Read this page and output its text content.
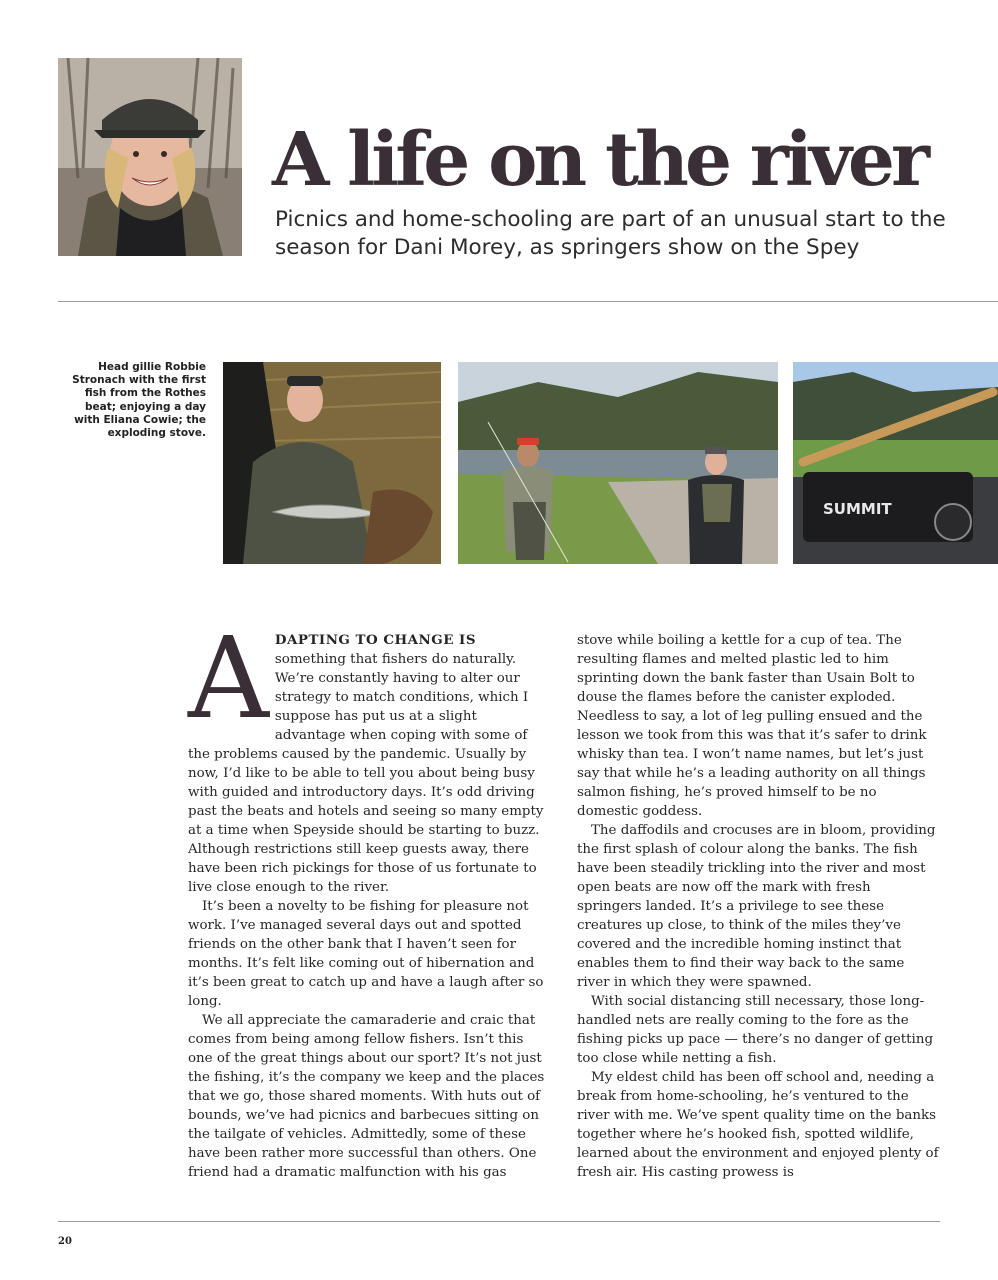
A life on the river

Picnics and home-schooling are part of an unusual start to the season for Dani Morey, as springers show on the Spey

Head gillie Robbie Stronach with the first fish from the Rothes beat; enjoying a day with Eliana Cowie; the exploding stove.

SUMMIT

ADAPTING TO CHANGE IS
something that fishers do naturally. We’re constantly having to alter our strategy to match conditions, which I suppose has put us at a slight advantage when coping with some of the problems caused by the pandemic. Usually by now, I’d like to be able to tell you about being busy with guided and introductory days. It’s odd driving past the beats and hotels and seeing so many empty at a time when Speyside should be starting to buzz. Although restrictions still keep guests away, there have been rich pickings for those of us fortunate to live close enough to the river.

It’s been a novelty to be fishing for pleasure not work. I’ve managed several days out and spotted friends on the other bank that I haven’t seen for months. It’s felt like coming out of hibernation and it’s been great to catch up and have a laugh after so long.

We all appreciate the camaraderie and craic that comes from being among fellow fishers. Isn’t this one of the great things about our sport? It’s not just the fishing, it’s the company we keep and the places that we go, those shared moments. With huts out of bounds, we’ve had picnics and barbecues sitting on the tailgate of vehicles. Admittedly, some of these have been rather more successful than others. One friend had a dramatic malfunction with his gas

stove while boiling a kettle for a cup of tea. The resulting flames and melted plastic led to him sprinting down the bank faster than Usain Bolt to douse the flames before the canister exploded. Needless to say, a lot of leg pulling ensued and the lesson we took from this was that it’s safer to drink whisky than tea. I won’t name names, but let’s just say that while he’s a leading authority on all things salmon fishing, he’s proved himself to be no domestic goddess.

The daffodils and crocuses are in bloom, providing the first splash of colour along the banks. The fish have been steadily trickling into the river and most open beats are now off the mark with fresh springers landed. It’s a privilege to see these creatures up close, to think of the miles they’ve covered and the incredible homing instinct that enables them to find their way back to the same river in which they were spawned.

With social distancing still necessary, those long-handled nets are really coming to the fore as the fishing picks up pace — there’s no danger of getting too close while netting a fish.

My eldest child has been off school and, needing a break from home-schooling, he’s ventured to the river with me. We’ve spent quality time on the banks together where he’s hooked fish, spotted wildlife, learned about the environment and enjoyed plenty of fresh air. His casting prowess is

20
